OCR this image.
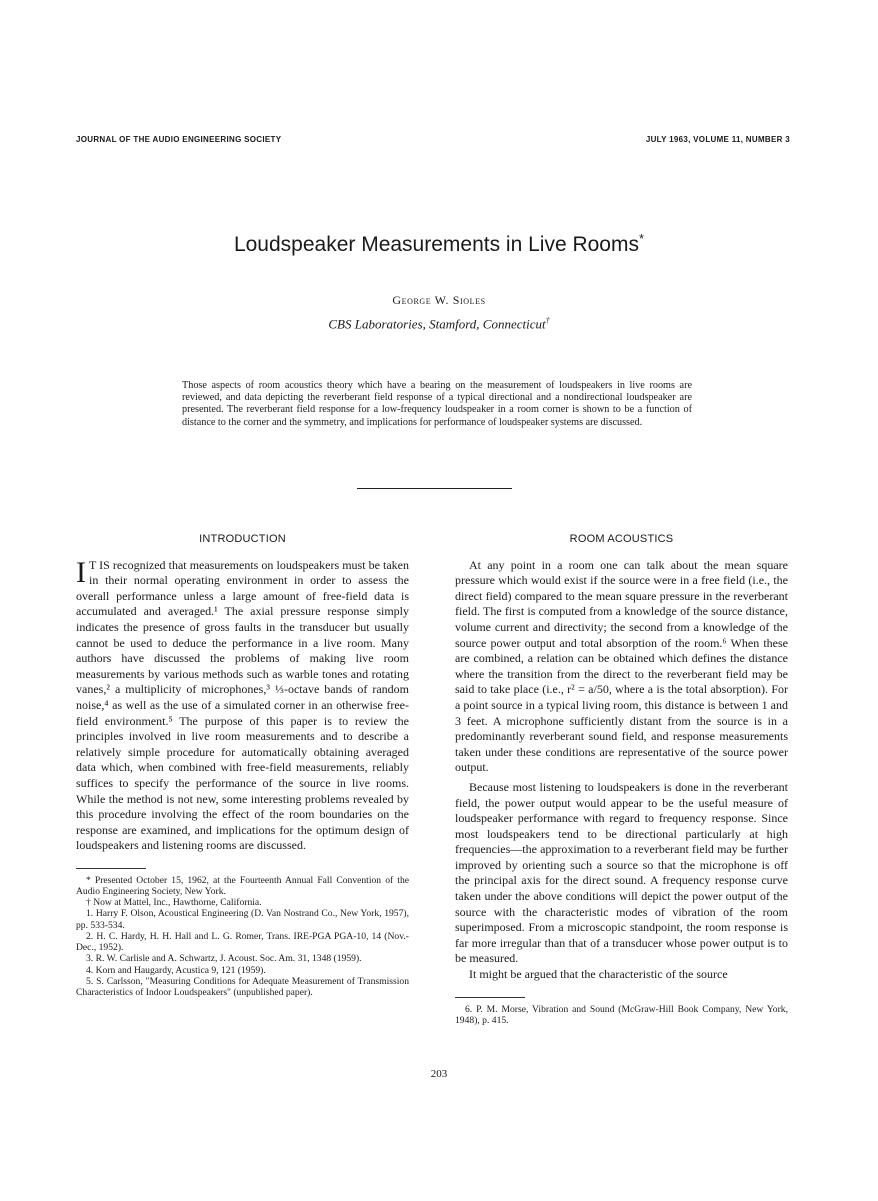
JOURNAL OF THE AUDIO ENGINEERING SOCIETY	JULY 1963, VOLUME 11, NUMBER 3
Loudspeaker Measurements in Live Rooms*
George W. Sioles
CBS Laboratories, Stamford, Connecticut†
Those aspects of room acoustics theory which have a bearing on the measurement of loudspeakers in live rooms are reviewed, and data depicting the reverberant field response of a typical directional and a nondirectional loudspeaker are presented. The reverberant field response for a low-frequency loudspeaker in a room corner is shown to be a function of distance to the corner and the symmetry, and implications for performance of loudspeaker systems are discussed.
INTRODUCTION

I T IS recognized that measurements on loudspeakers must be taken in their normal operating environment in order to assess the overall performance unless a large amount of free-field data is accumulated and averaged.¹ The axial pressure response simply indicates the presence of gross faults in the transducer but usually cannot be used to deduce the performance in a live room. Many authors have discussed the problems of making live room measurements by various methods such as warble tones and rotating vanes,² a multiplicity of microphones,³ ⅓-octave bands of random noise,⁴ as well as the use of a simulated corner in an otherwise free-field environment.⁵ The purpose of this paper is to review the principles involved in live room measurements and to describe a relatively simple procedure for automatically obtaining averaged data which, when combined with free-field measurements, reliably suffices to specify the performance of the source in live rooms. While the method is not new, some interesting problems revealed by this procedure involving the effect of the room boundaries on the response are examined, and implications for the optimum design of loudspeakers and listening rooms are discussed.

* Presented October 15, 1962, at the Fourteenth Annual Fall Convention of the Audio Engineering Society, New York.

† Now at Mattel, Inc., Hawthorne, California.

1. Harry F. Olson, Acoustical Engineering (D. Van Nostrand Co., New York, 1957), pp. 533-534.

2. H. C. Hardy, H. H. Hall and L. G. Romer, Trans. IRE-PGA PGA-10, 14 (Nov.-Dec., 1952).

3. R. W. Carlisle and A. Schwartz, J. Acoust. Soc. Am. 31, 1348 (1959).

4. Korn and Haugardy, Acustica 9, 121 (1959).

5. S. Carlsson, "Measuring Conditions for Adequate Measurement of Transmission Characteristics of Indoor Loudspeakers" (unpublished paper).

ROOM ACOUSTICS

At any point in a room one can talk about the mean square pressure which would exist if the source were in a free field (i.e., the direct field) compared to the mean square pressure in the reverberant field. The first is computed from a knowledge of the source distance, volume current and directivity; the second from a knowledge of the source power output and total absorption of the room.⁶ When these are combined, a relation can be obtained which defines the distance where the transition from the direct to the reverberant field may be said to take place (i.e., r² = a/50, where a is the total absorption). For a point source in a typical living room, this distance is between 1 and 3 feet. A microphone sufficiently distant from the source is in a predominantly reverberant sound field, and response measurements taken under these conditions are representative of the source power output.

Because most listening to loudspeakers is done in the reverberant field, the power output would appear to be the useful measure of loudspeaker performance with regard to frequency response. Since most loudspeakers tend to be directional particularly at high frequencies—the approximation to a reverberant field may be further improved by orienting such a source so that the microphone is off the principal axis for the direct sound. A frequency response curve taken under the above conditions will depict the power output of the source with the characteristic modes of vibration of the room superimposed. From a microscopic standpoint, the room response is far more irregular than that of a transducer whose power output is to be measured.

It might be argued that the characteristic of the source

6. P. M. Morse, Vibration and Sound (McGraw-Hill Book Company, New York, 1948), p. 415.

203
